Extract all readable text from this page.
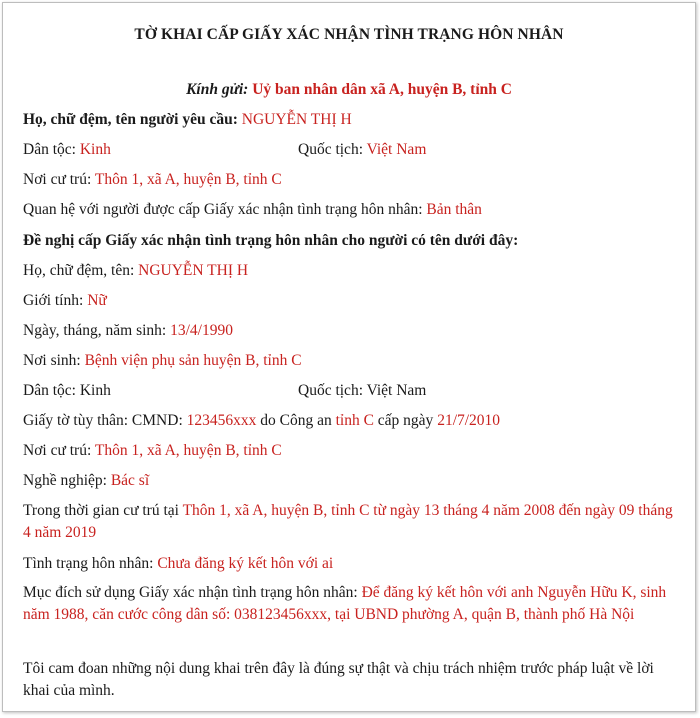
TỜ KHAI CẤP GIẤY XÁC NHẬN TÌNH TRẠNG HÔN NHÂN
Kính gửi: Uỷ ban nhân dân xã A, huyện B, tỉnh C
Họ, chữ đệm, tên người yêu cầu: NGUYỄN THỊ H
Dân tộc: Kinh	Quốc tịch: Việt Nam
Nơi cư trú: Thôn 1, xã A, huyện B, tỉnh C
Quan hệ với người được cấp Giấy xác nhận tình trạng hôn nhân: Bản thân
Đề nghị cấp Giấy xác nhận tình trạng hôn nhân cho người có tên dưới đây:
Họ, chữ đệm, tên: NGUYỄN THỊ H
Giới tính: Nữ
Ngày, tháng, năm sinh: 13/4/1990
Nơi sinh: Bệnh viện phụ sản huyện B, tỉnh C
Dân tộc: Kinh	Quốc tịch: Việt Nam
Giấy tờ tùy thân: CMND: 123456xxx do Công an tỉnh C cấp ngày 21/7/2010
Nơi cư trú: Thôn 1, xã A, huyện B, tỉnh C
Nghề nghiệp: Bác sĩ
Trong thời gian cư trú tại Thôn 1, xã A, huyện B, tỉnh C từ ngày 13 tháng 4 năm 2008 đến ngày 09 tháng 4 năm 2019
Tình trạng hôn nhân: Chưa đăng ký kết hôn với ai
Mục đích sử dụng Giấy xác nhận tình trạng hôn nhân: Để đăng ký kết hôn với anh Nguyễn Hữu K, sinh năm 1988, căn cước công dân số: 038123456xxx, tại UBND phường A, quận B, thành phố Hà Nội
Tôi cam đoan những nội dung khai trên đây là đúng sự thật và chịu trách nhiệm trước pháp luật về lời khai của mình.
